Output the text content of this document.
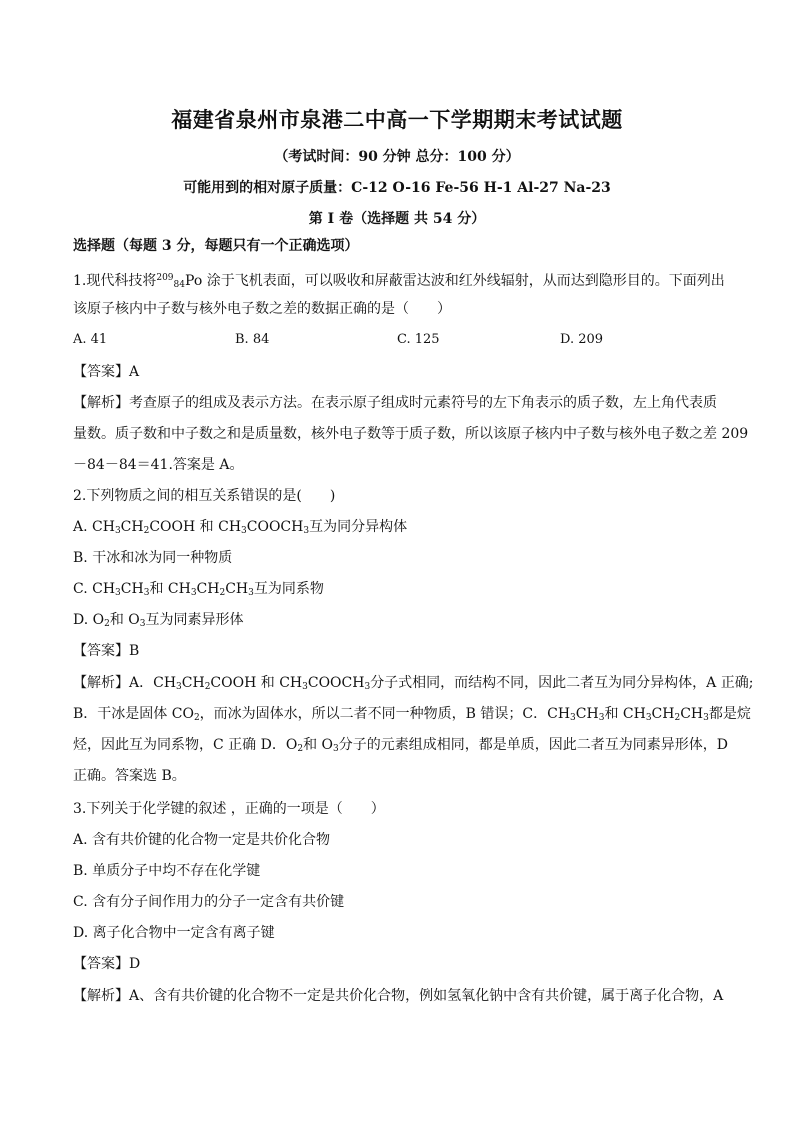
福建省泉州市泉港二中高一下学期期末考试试题
（考试时间：90 分钟 总分：100 分）
可能用到的相对原子质量：C-12 O-16 Fe-56 H-1 Al-27 Na-23
第 Ⅰ 卷（选择题 共 54 分）
选择题（每题 3 分，每题只有一个正确选项）
1.现代科技将$^{209}_{84}$Po 涂于飞机表面，可以吸收和屏蔽雷达波和红外线辐射，从而达到隐形目的。下面列出
该原子核内中子数与核外电子数之差的数据正确的是（　　）
A. 41	B. 84	C. 125	D. 209
【答案】A
【解析】考查原子的组成及表示方法。在表示原子组成时元素符号的左下角表示的质子数，左上角代表质
量数。质子数和中子数之和是质量数，核外电子数等于质子数，所以该原子核内中子数与核外电子数之差 209
－84－84＝41.答案是 A。
2.下列物质之间的相互关系错误的是(　　)
A. $CH_3CH_2COOH$ 和 $CH_3COOCH_3$互为同分异构体
B. 干冰和冰为同一种物质
C. $CH_3CH_3$和 $CH_3CH_2CH_3$互为同系物
D. $O_2$和 $O_3$互为同素异形体
【答案】B
【解析】A．$CH_3CH_2COOH$ 和 $CH_3COOCH_3$分子式相同，而结构不同，因此二者互为同分异构体，A 正确;
B．干冰是固体 $CO_2$，而冰为固体水，所以二者不同一种物质，B 错误；C．$CH_3CH_3$和 $CH_3CH_2CH_3$都是烷
烃，因此互为同系物，C 正确 D．$O_2$和 $O_3$分子的元素组成相同，都是单质，因此二者互为同素异形体，D
正确。答案选 B。
3.下列关于化学键的叙述 ，正确的一项是（　　）
A. 含有共价键的化合物一定是共价化合物
B. 单质分子中均不存在化学键
C. 含有分子间作用力的分子一定含有共价键
D. 离子化合物中一定含有离子键
【答案】D
【解析】A、含有共价键的化合物不一定是共价化合物，例如氢氧化钠中含有共价键，属于离子化合物，A
